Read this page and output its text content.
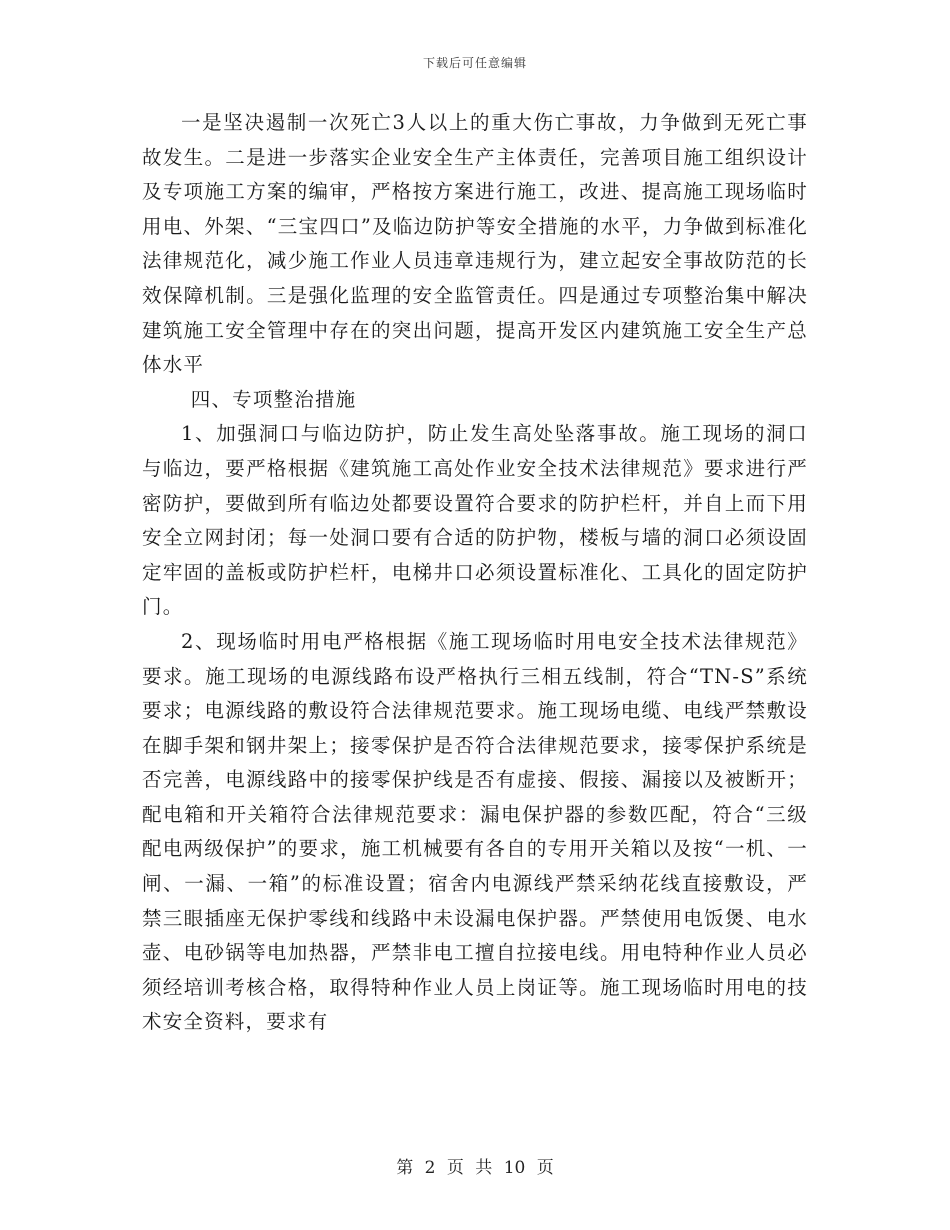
下载后可任意编辑

一是坚决遏制一次死亡3人以上的重大伤亡事故，力争做到无死亡事故发生。二是进一步落实企业安全生产主体责任，完善项目施工组织设计及专项施工方案的编审，严格按方案进行施工，改进、提高施工现场临时用电、外架、“三宝四口”及临边防护等安全措施的水平，力争做到标准化法律规范化，减少施工作业人员违章违规行为，建立起安全事故防范的长效保障机制。三是强化监理的安全监管责任。四是通过专项整治集中解决建筑施工安全管理中存在的突出问题，提高开发区内建筑施工安全生产总体水平

四、专项整治措施

1、加强洞口与临边防护，防止发生高处坠落事故。施工现场的洞口与临边，要严格根据《建筑施工高处作业安全技术法律规范》要求进行严密防护，要做到所有临边处都要设置符合要求的防护栏杆，并自上而下用安全立网封闭；每一处洞口要有合适的防护物，楼板与墙的洞口必须设固定牢固的盖板或防护栏杆，电梯井口必须设置标准化、工具化的固定防护门。

2、现场临时用电严格根据《施工现场临时用电安全技术法律规范》要求。施工现场的电源线路布设严格执行三相五线制，符合“TN-S”系统要求；电源线路的敷设符合法律规范要求。施工现场电缆、电线严禁敷设在脚手架和钢井架上；接零保护是否符合法律规范要求，接零保护系统是否完善，电源线路中的接零保护线是否有虚接、假接、漏接以及被断开；配电箱和开关箱符合法律规范要求：漏电保护器的参数匹配，符合“三级配电两级保护”的要求，施工机械要有各自的专用开关箱以及按“一机、一闸、一漏、一箱”的标准设置；宿舍内电源线严禁采纳花线直接敷设，严禁三眼插座无保护零线和线路中未设漏电保护器。严禁使用电饭煲、电水壶、电砂锅等电加热器，严禁非电工擅自拉接电线。用电特种作业人员必须经培训考核合格，取得特种作业人员上岗证等。施工现场临时用电的技术安全资料，要求有

第 2 页 共 10 页
